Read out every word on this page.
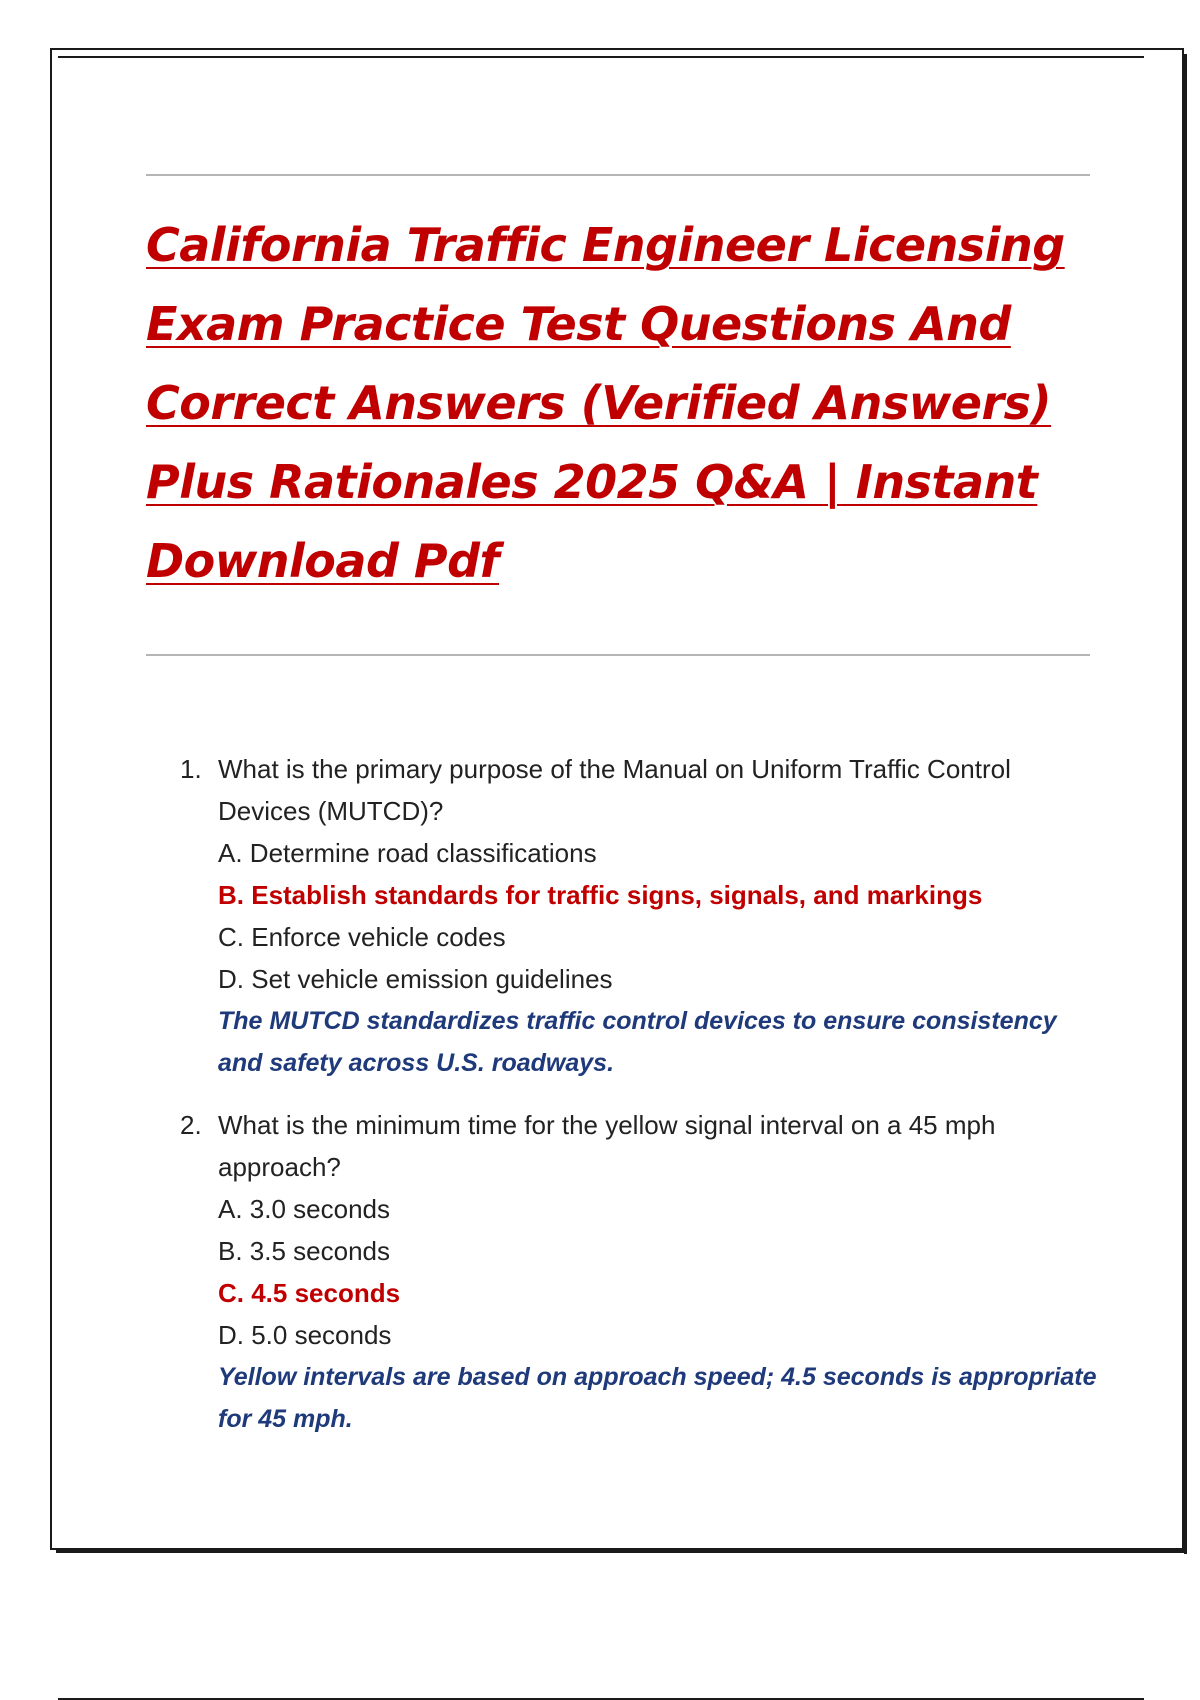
California Traffic Engineer Licensing Exam Practice Test Questions And Correct Answers (Verified Answers) Plus Rationales 2025 Q&A | Instant Download Pdf
1. What is the primary purpose of the Manual on Uniform Traffic Control Devices (MUTCD)?

A. Determine road classifications

B. Establish standards for traffic signs, signals, and markings

C. Enforce vehicle codes

D. Set vehicle emission guidelines

The MUTCD standardizes traffic control devices to ensure consistency and safety across U.S. roadways.

2. What is the minimum time for the yellow signal interval on a 45 mph approach?

A. 3.0 seconds

B. 3.5 seconds

C. 4.5 seconds

D. 5.0 seconds

Yellow intervals are based on approach speed; 4.5 seconds is appropriate for 45 mph.
